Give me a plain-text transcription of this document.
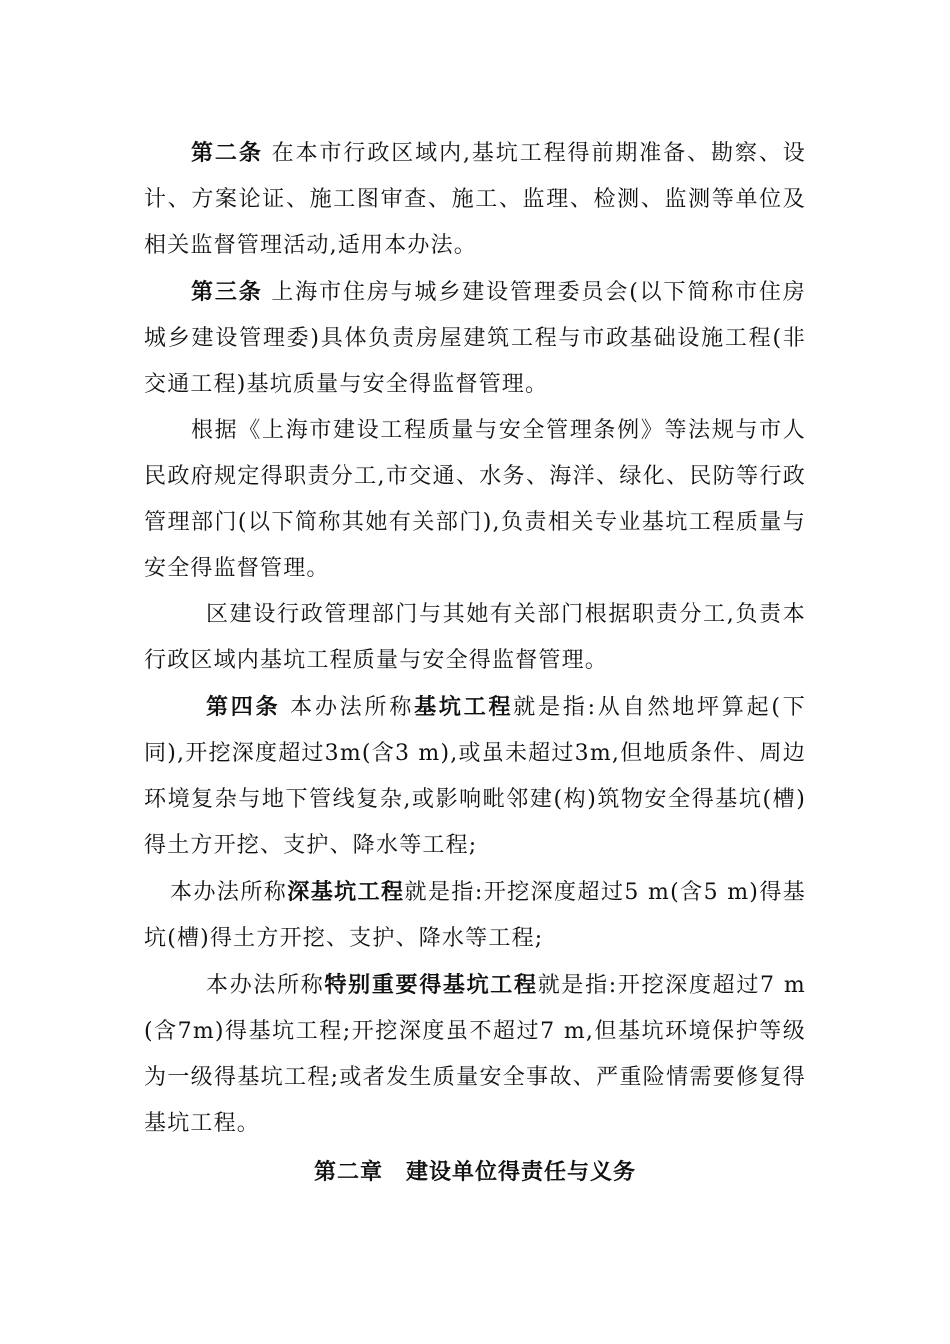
第二条 在本市行政区域内,基坑工程得前期准备、勘察、设计、方案论证、施工图审查、施工、监理、检测、监测等单位及相关监督管理活动,适用本办法。

第三条 上海市住房与城乡建设管理委员会(以下简称市住房城乡建设管理委)具体负责房屋建筑工程与市政基础设施工程(非交通工程)基坑质量与安全得监督管理。

根据《上海市建设工程质量与安全管理条例》等法规与市人民政府规定得职责分工,市交通、水务、海洋、绿化、民防等行政管理部门(以下简称其她有关部门),负责相关专业基坑工程质量与安全得监督管理。

区建设行政管理部门与其她有关部门根据职责分工,负责本行政区域内基坑工程质量与安全得监督管理。

第四条 本办法所称基坑工程就是指:从自然地坪算起(下同),开挖深度超过3m(含3 m),或虽未超过3m,但地质条件、周边环境复杂与地下管线复杂,或影响毗邻建(构)筑物安全得基坑(槽)得土方开挖、支护、降水等工程;

本办法所称深基坑工程就是指:开挖深度超过5 m(含5 m)得基坑(槽)得土方开挖、支护、降水等工程;

本办法所称特别重要得基坑工程就是指:开挖深度超过7 m(含7m)得基坑工程;开挖深度虽不超过7 m,但基坑环境保护等级为一级得基坑工程;或者发生质量安全事故、严重险情需要修复得基坑工程。

第二章　建设单位得责任与义务
